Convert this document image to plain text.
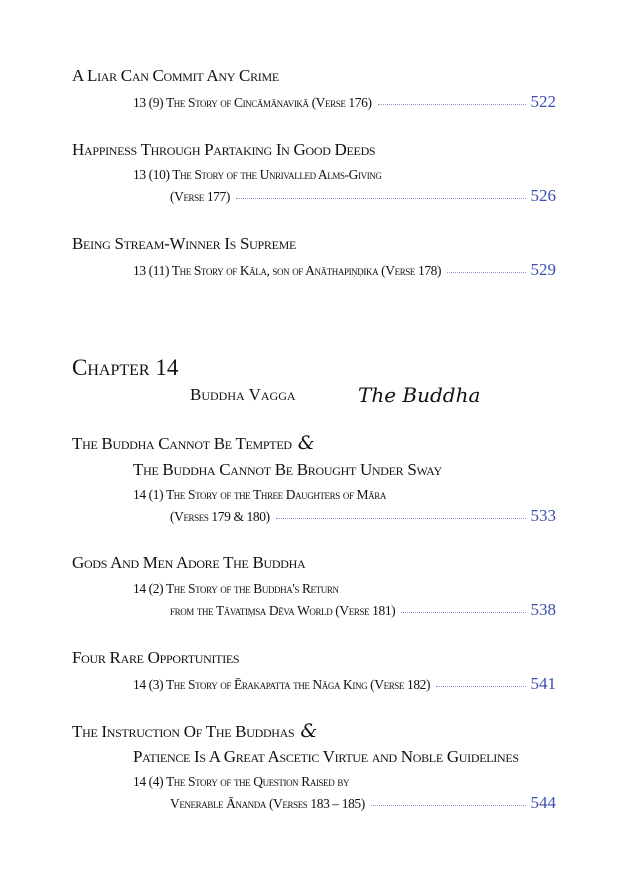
A Liar Can Commit Any Crime
13 (9) The Story of Cincāmānavikā (Verse 176)	522
Happiness Through Partaking In Good Deeds
13 (10) The Story of the Unrivalled Alms-Giving
(Verse 177)	526
Being Stream-Winner Is Supreme
13 (11) The Story of Kāla, son of Anāthapiṇḍika (Verse 178)	529
Chapter 14
Buddha Vagga	The Buddha
The Buddha Cannot Be Tempted &
The Buddha Cannot Be Brought Under Sway
14 (1) The Story of the Three Daughters of Māra
(Verses 179 & 180)	533
Gods And Men Adore The Buddha
14 (2) The Story of the Buddha's Return
from the Tāvatiṃsa Dēva World (Verse 181)	538
Four Rare Opportunities
14 (3) The Story of Ērakapatta the Nāga King (Verse 182)	541
The Instruction Of The Buddhas &
Patience Is A Great Ascetic Virtue and Noble Guidelines
14 (4) The Story of the Question Raised by
Venerable Ānanda (Verses 183 – 185)	544
